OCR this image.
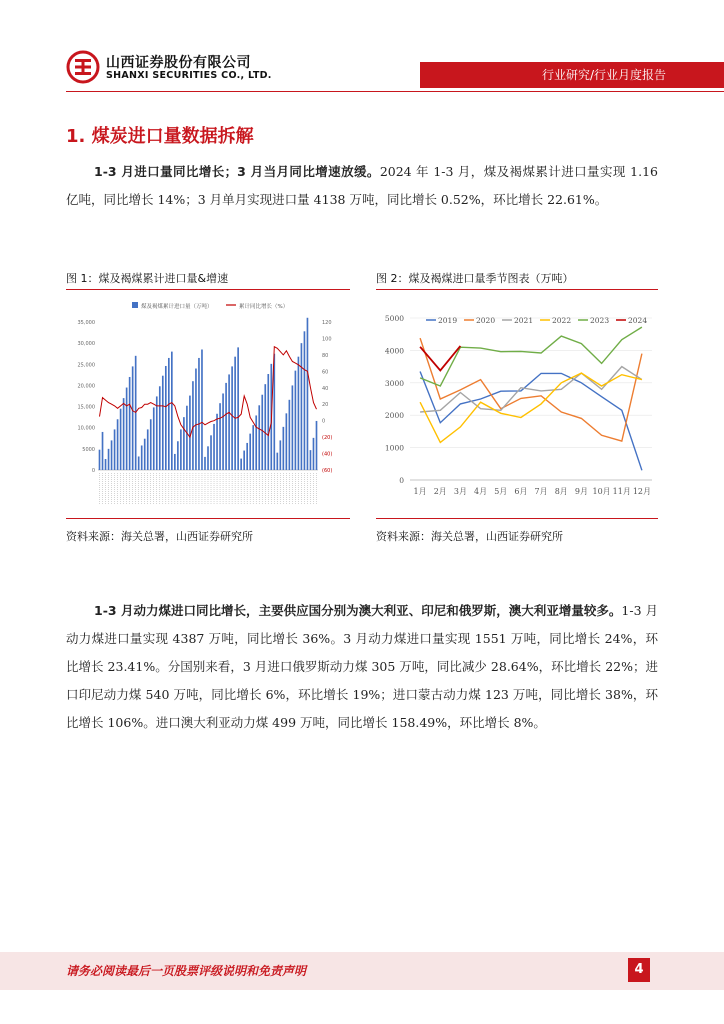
山西证券股份有限公司
SHANXI SECURITIES CO., LTD.	行业研究/行业月度报告
1. 煤炭进口量数据拆解

1-3 月进口量同比增长；3 月当月同比增速放缓。2024 年 1-3 月，煤及褐煤累计进口量实现 1.16 亿吨，同比增长 14%；3 月单月实现进口量 4138 万吨，同比增长 0.52%，环比增长 22.61%。

图 1：煤及褐煤累计进口量&增速
煤及褐煤累计进口量（万吨）	累计同比增长（%）
0
5000
10,000
15,000
20,000
25,000
30,000
35,000
(60)
(40)
(20)
0
20
40
60
80
100
120
资料来源：海关总署，山西证券研究所
图 2：煤及褐煤进口量季节图表（万吨）
0
1000
2000
3000
4000
5000
1月 2月 3月 4月 5月 6月 7月 8月 9月 10月 11月 12月
2019	2020	2021	2022	2023	2024
资料来源：海关总署，山西证券研究所

1-3 月动力煤进口同比增长，主要供应国分别为澳大利亚、印尼和俄罗斯，澳大利亚增量较多。1-3 月动力煤进口量实现 4387 万吨，同比增长 36%。3 月动力煤进口量实现 1551 万吨，同比增长 24%，环比增长 23.41%。分国别来看，3 月进口俄罗斯动力煤 305 万吨，同比减少 28.64%，环比增长 22%；进口印尼动力煤 540 万吨，同比增长 6%，环比增长 19%；进口蒙古动力煤 123 万吨，同比增长 38%，环比增长 106%。进口澳大利亚动力煤 499 万吨，同比增长 158.49%，环比增长 8%。

请务必阅读最后一页股票评级说明和免责声明	4
